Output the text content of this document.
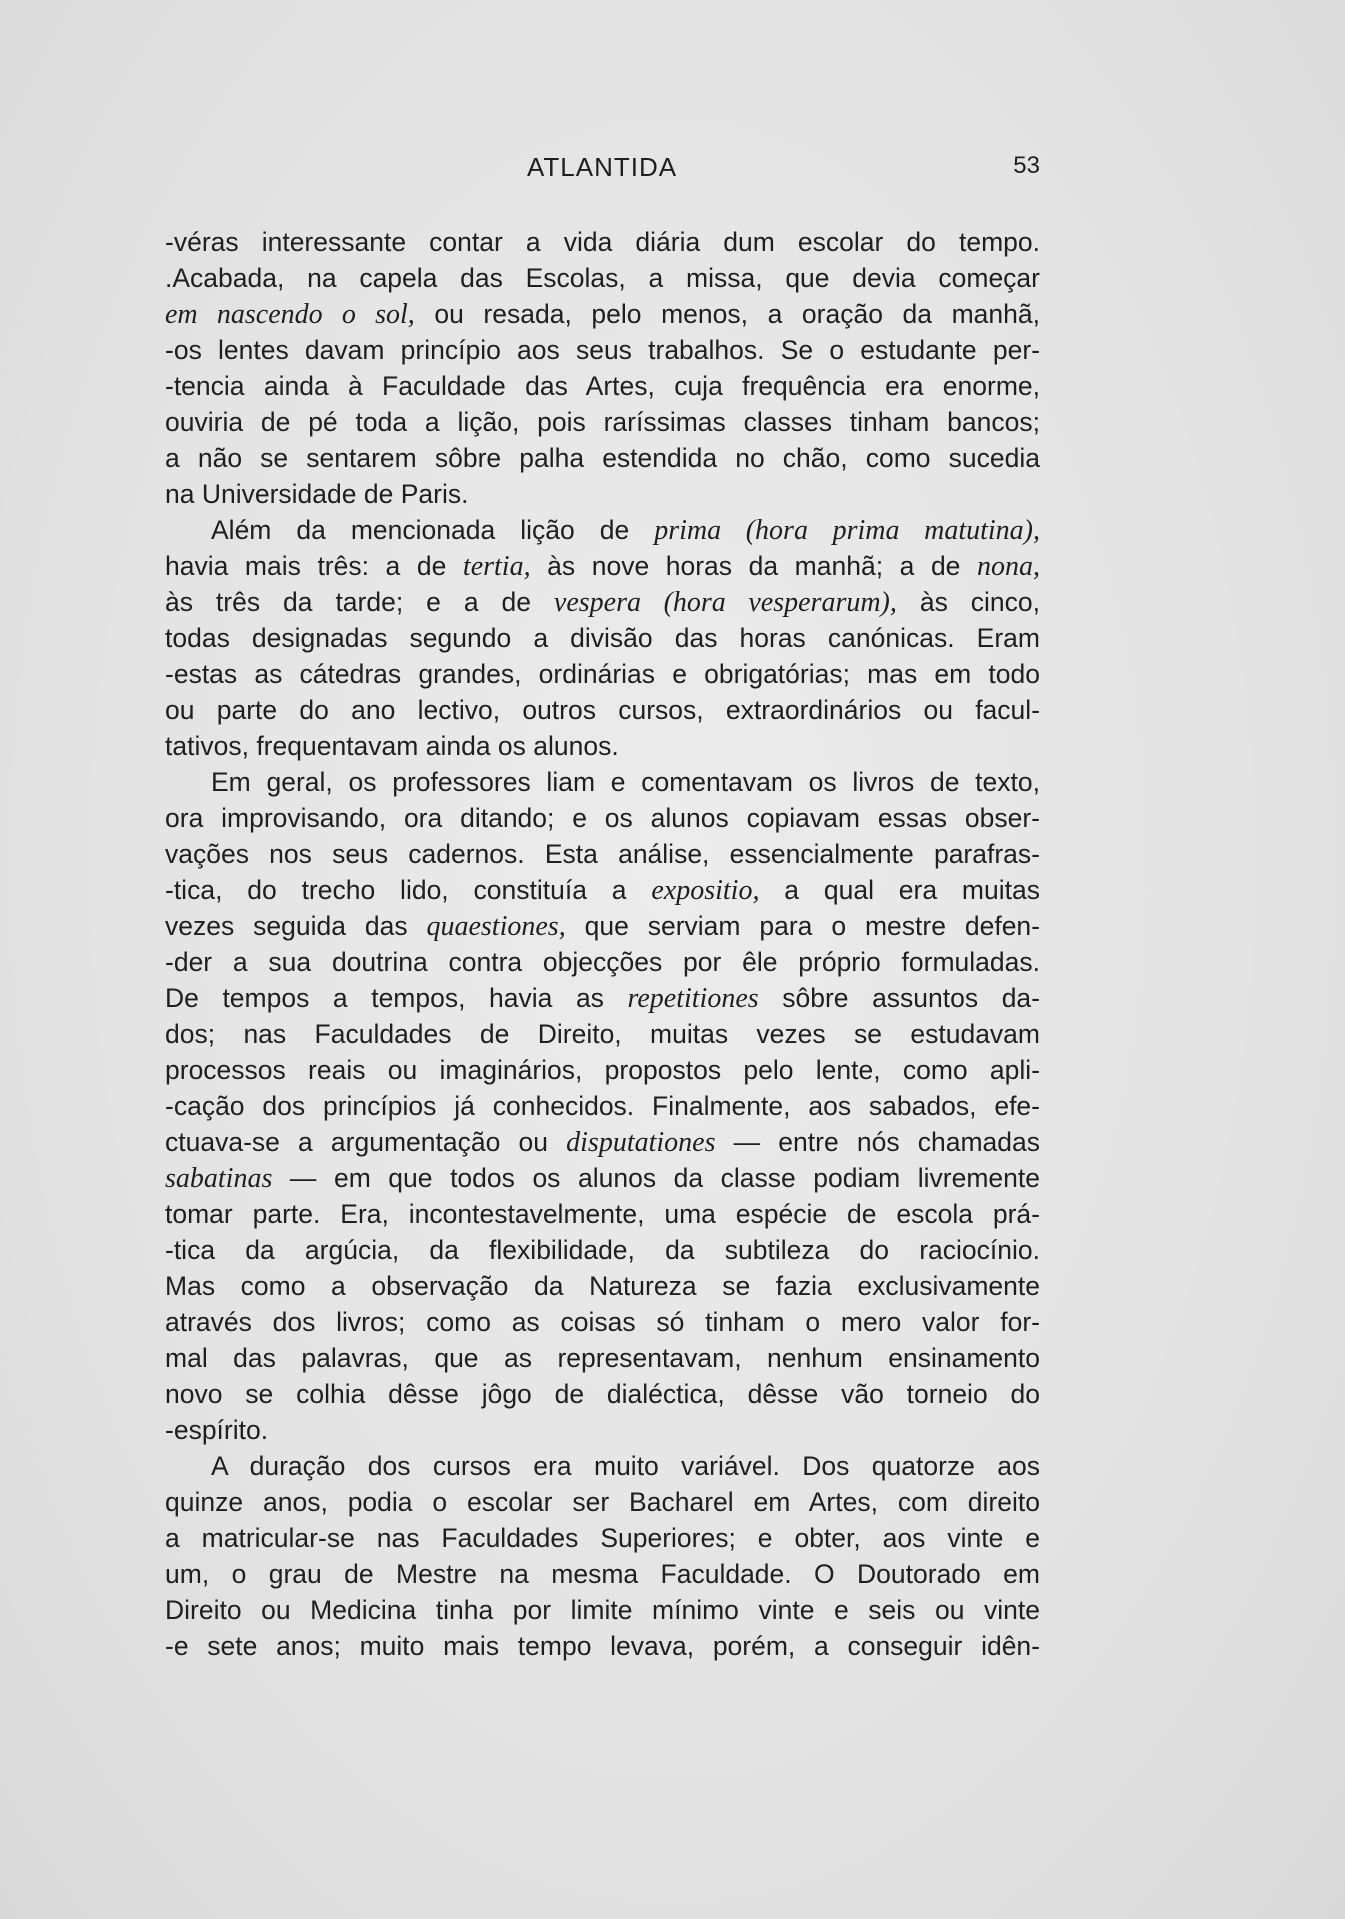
ATLANTIDA	53
-véras interessante contar a vida diária dum escolar do tempo.
.Acabada, na capela das Escolas, a missa, que devia começar
em nascendo o sol, ou resada, pelo menos, a oração da manhã,
-os lentes davam princípio aos seus trabalhos. Se o estudante per-
-tencia ainda à Faculdade das Artes, cuja frequência era enorme,
ouviria de pé toda a lição, pois raríssimas classes tinham bancos;
a não se sentarem sôbre palha estendida no chão, como sucedia
na Universidade de Paris.
Além da mencionada lição de prima (hora prima matutina),
havia mais três: a de tertia, às nove horas da manhã; a de nona,
às três da tarde; e a de vespera (hora vesperarum), às cinco,
todas designadas segundo a divisão das horas canónicas. Eram
-estas as cátedras grandes, ordinárias e obrigatórias; mas em todo
ou parte do ano lectivo, outros cursos, extraordinários ou facul-
tativos, frequentavam ainda os alunos.
Em geral, os professores liam e comentavam os livros de texto,
ora improvisando, ora ditando; e os alunos copiavam essas obser-
vações nos seus cadernos. Esta análise, essencialmente parafras-
-tica, do trecho lido, constituía a expositio, a qual era muitas
vezes seguida das quaestiones, que serviam para o mestre defen-
-der a sua doutrina contra objecções por êle próprio formuladas.
De tempos a tempos, havia as repetitiones sôbre assuntos da-
dos; nas Faculdades de Direito, muitas vezes se estudavam
processos reais ou imaginários, propostos pelo lente, como apli-
-cação dos princípios já conhecidos. Finalmente, aos sabados, efe-
ctuava-se a argumentação ou disputationes — entre nós chamadas
sabatinas — em que todos os alunos da classe podiam livremente
tomar parte. Era, incontestavelmente, uma espécie de escola prá-
-tica da argúcia, da flexibilidade, da subtileza do raciocínio.
Mas como a observação da Natureza se fazia exclusivamente
através dos livros; como as coisas só tinham o mero valor for-
mal das palavras, que as representavam, nenhum ensinamento
novo se colhia dêsse jôgo de dialéctica, dêsse vão torneio do
-espírito.
A duração dos cursos era muito variável. Dos quatorze aos
quinze anos, podia o escolar ser Bacharel em Artes, com direito
a matricular-se nas Faculdades Superiores; e obter, aos vinte e
um, o grau de Mestre na mesma Faculdade. O Doutorado em
Direito ou Medicina tinha por limite mínimo vinte e seis ou vinte
-e sete anos; muito mais tempo levava, porém, a conseguir idên-
